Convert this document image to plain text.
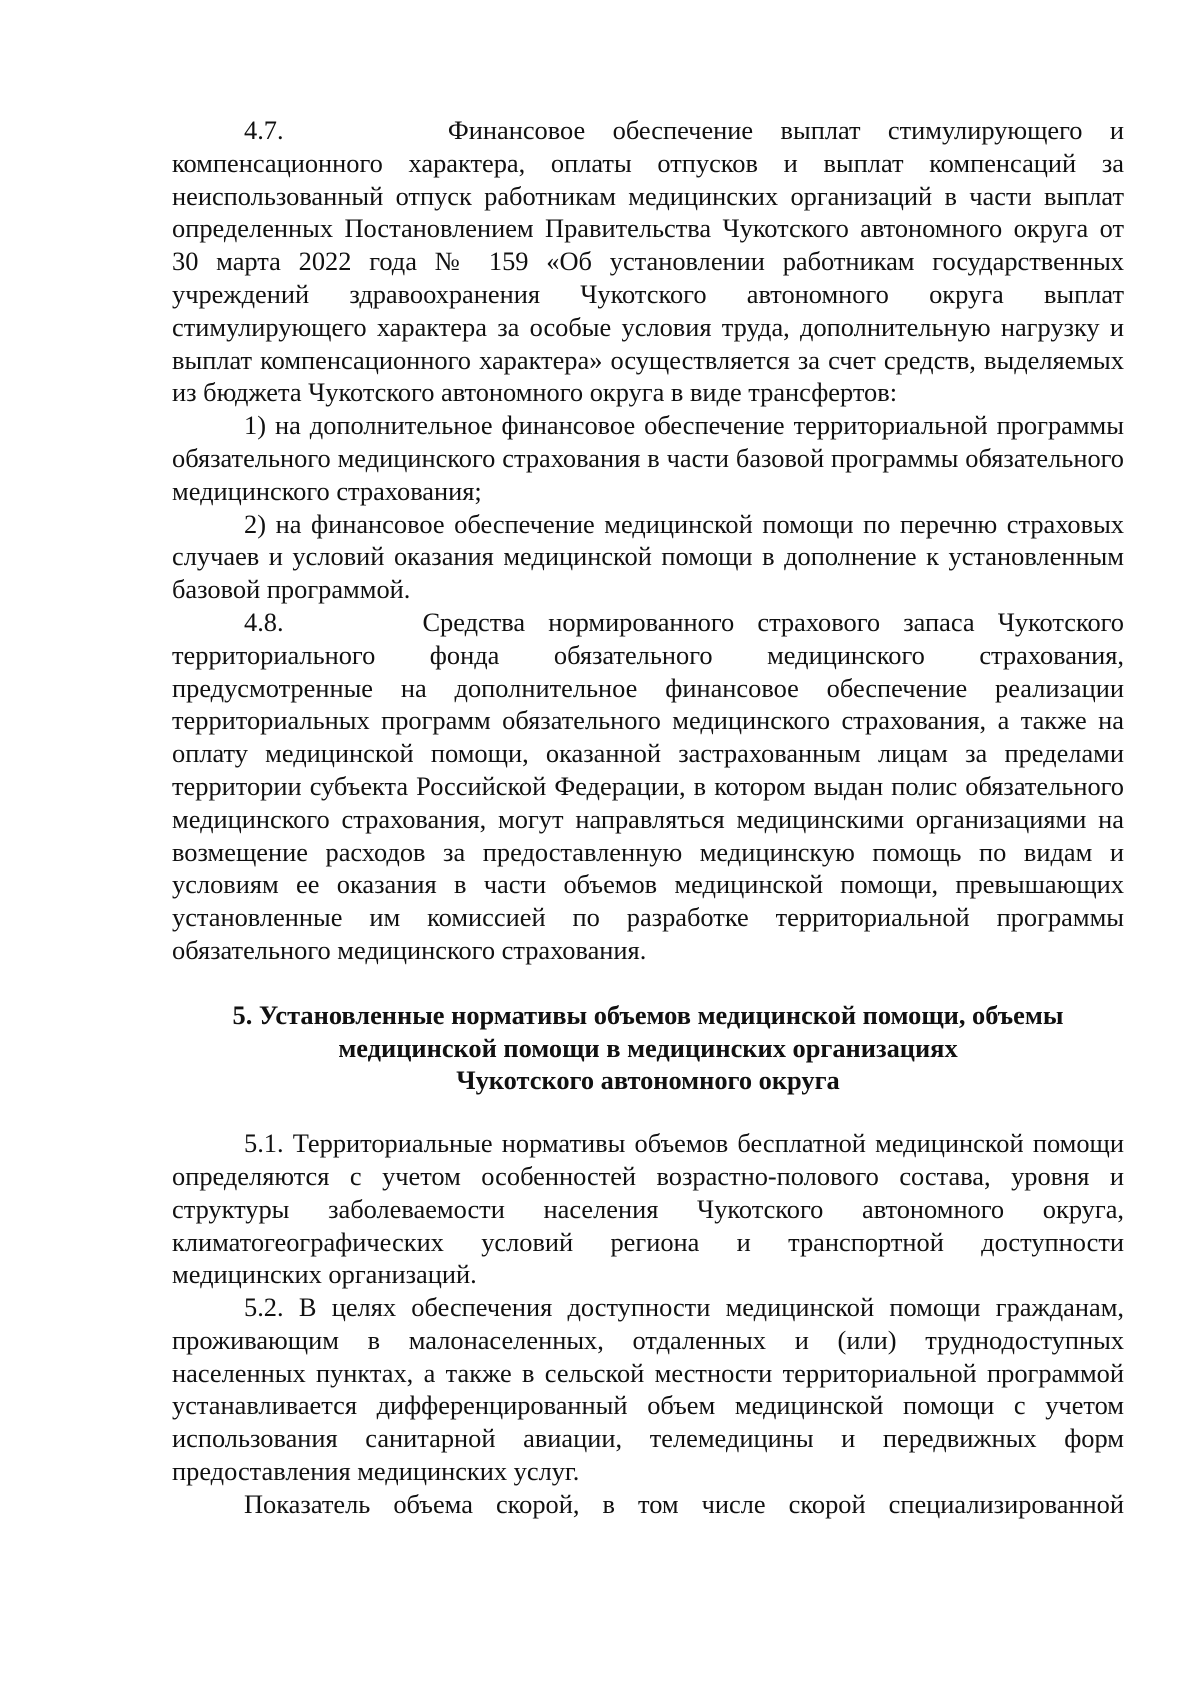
4.7.      Финансовое обеспечение выплат стимулирующего и компенсационного характера, оплаты отпусков и выплат компенсаций за неиспользованный отпуск работникам медицинских организаций в части выплат определенных Постановлением Правительства Чукотского автономного округа от 30 марта 2022 года № 159 «Об установлении работникам государственных учреждений здравоохранения Чукотского автономного округа выплат стимулирующего характера за особые условия труда, дополнительную нагрузку и выплат компенсационного характера» осуществляется за счет средств, выделяемых из бюджета Чукотского автономного округа в виде трансфертов:

1) на дополнительное финансовое обеспечение территориальной программы обязательного медицинского страхования в части базовой программы обязательного медицинского страхования;

2) на финансовое обеспечение медицинской помощи по перечню страховых случаев и условий оказания медицинской помощи в дополнение к установленным базовой программой.

4.8.      Средства нормированного страхового запаса Чукотского территориального фонда обязательного медицинского страхования, предусмотренные на дополнительное финансовое обеспечение реализации территориальных программ обязательного медицинского страхования, а также на оплату медицинской помощи, оказанной застрахованным лицам за пределами территории субъекта Российской Федерации, в котором выдан полис обязательного медицинского страхования, могут направляться медицинскими организациями на возмещение расходов за предоставленную медицинскую помощь по видам и условиям ее оказания в части объемов медицинской помощи, превышающих установленные им комиссией по разработке территориальной программы обязательного медицинского страхования.

5. Установленные нормативы объемов медицинской помощи, объемы
медицинской помощи в медицинских организациях
Чукотского автономного округа

5.1. Территориальные нормативы объемов бесплатной медицинской помощи определяются с учетом особенностей возрастно-полового состава, уровня и структуры заболеваемости населения Чукотского автономного округа, климатогеографических условий региона и транспортной доступности медицинских организаций.

5.2. В целях обеспечения доступности медицинской помощи гражданам, проживающим в малонаселенных, отдаленных и (или) труднодоступных населенных пунктах, а также в сельской местности территориальной программой устанавливается дифференцированный объем медицинской помощи с учетом использования санитарной авиации, телемедицины и передвижных форм предоставления медицинских услуг.

Показатель объема скорой, в том числе скорой специализированной
